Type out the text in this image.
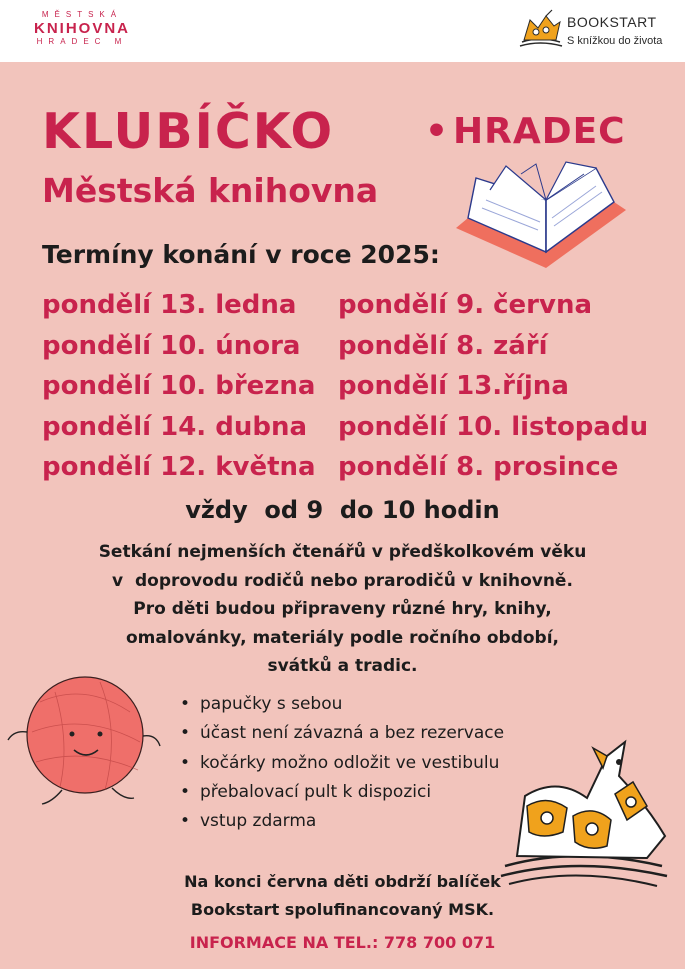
MĚSTSKÁ
KNIHOVNA
HRADEC M
BOOKSTART
S knížkou do života
KLUBÍČKO	• HRADEC
Městská knihovna
Termíny konání v roce 2025:
pondělí 13. ledna
pondělí 10. února
pondělí 10. března
pondělí 14. dubna
pondělí 12. května
pondělí 9. června
pondělí 8. září
pondělí 13.října
pondělí 10. listopadu
pondělí 8. prosince
vždy  od 9  do 10 hodin
Setkání nejmenších čtenářů v předškolkovém věku
v  doprovodu rodičů nebo prarodičů v knihovně.
Pro děti budou připraveny různé hry, knihy,
omalovánky, materiály podle ročního období,
svátků a tradic.
• papučky s sebou
• účast není závazná a bez rezervace
• kočárky možno odložit ve vestibulu
• přebalovací pult k dispozici
• vstup zdarma
Na konci června děti obdrží balíček
Bookstart spolufinancovaný MSK.
INFORMACE NA TEL.: 778 700 071
